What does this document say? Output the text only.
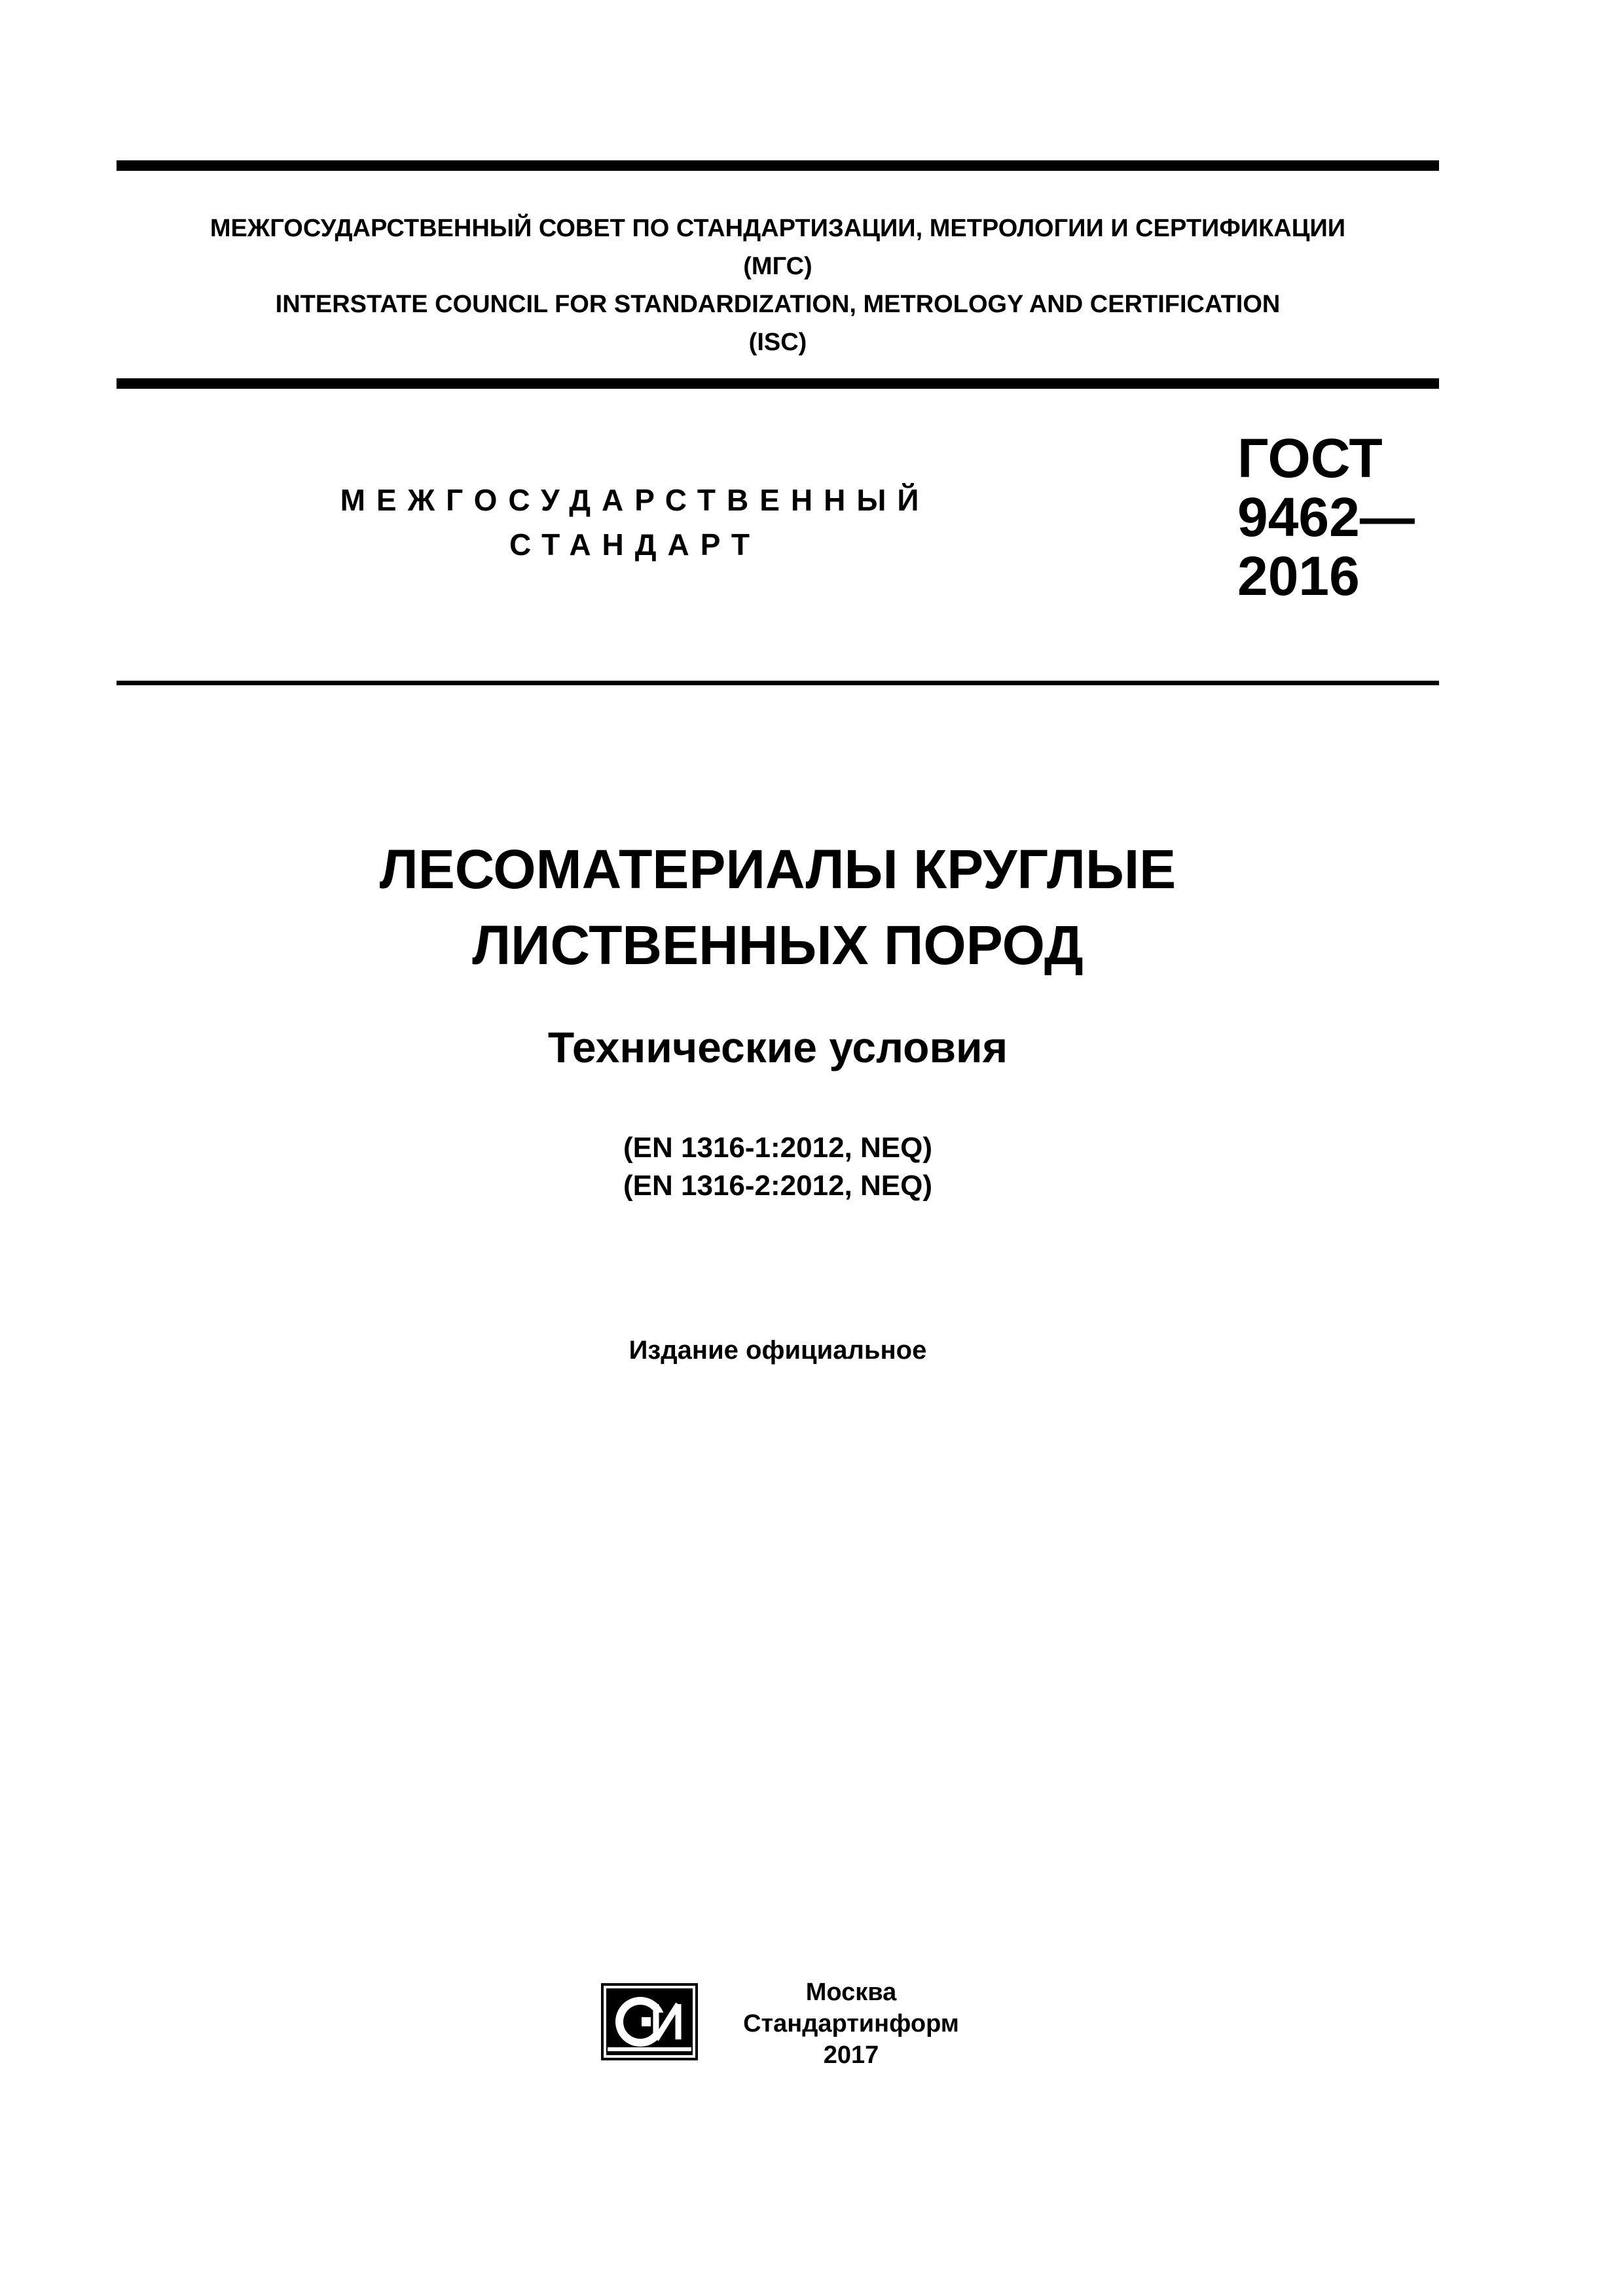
МЕЖГОСУДАРСТВЕННЫЙ СОВЕТ ПО СТАНДАРТИЗАЦИИ, МЕТРОЛОГИИ И СЕРТИФИКАЦИИ
(МГС)
INTERSTATE COUNCIL FOR STANDARDIZATION, METROLOGY AND CERTIFICATION
(ISC)
МЕЖГОСУДАРСТВЕННЫЙ
СТАНДАРТ
ГОСТ
9462—
2016
ЛЕСОМАТЕРИАЛЫ КРУГЛЫЕ
ЛИСТВЕННЫХ ПОРОД
Технические условия
(EN 1316-1:2012, NEQ)
(EN 1316-2:2012, NEQ)
Издание официальное
Москва
Стандартинформ
2017
